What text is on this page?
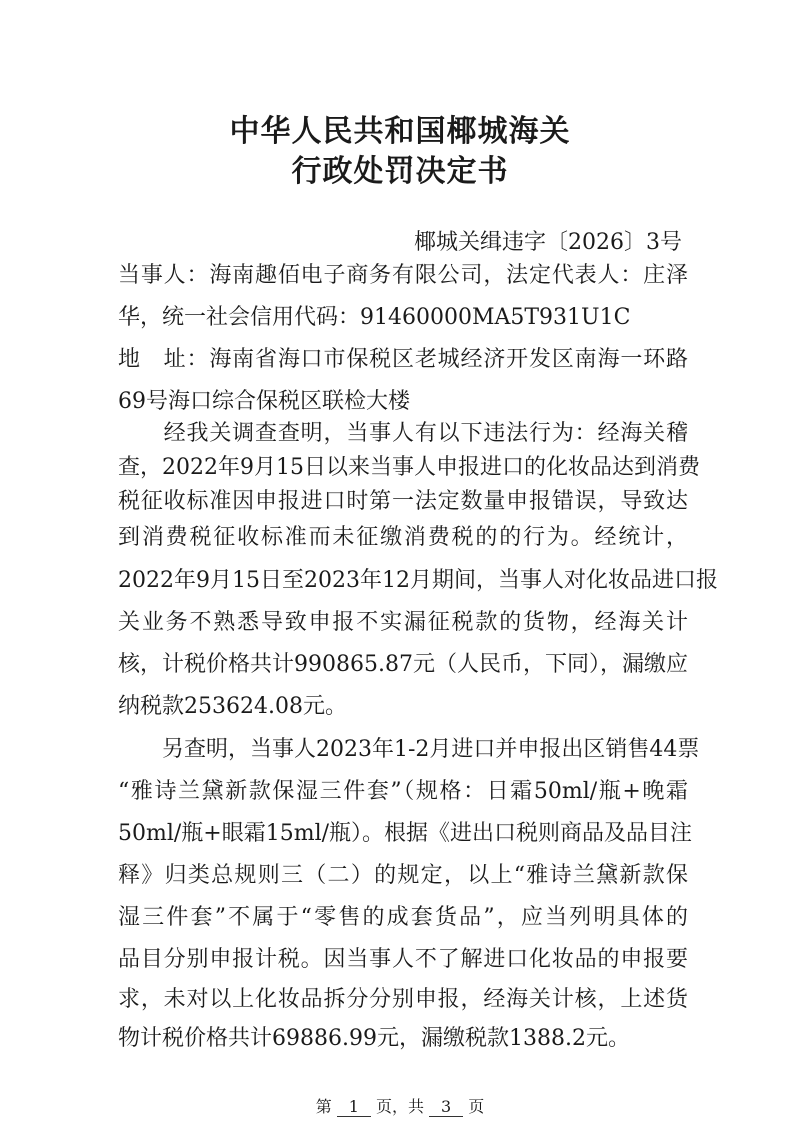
中华人民共和国椰城海关
行政处罚决定书
椰城关缉违字〔2026〕3号
当事人：海南趣佰电子商务有限公司，法定代表人：庄泽
华，统一社会信用代码：91460000MA5T931U1C
地　址：海南省海口市保税区老城经济开发区南海一环路
69号海口综合保税区联检大楼
　　经我关调查查明，当事人有以下违法行为：经海关稽
查，2022年9月15日以来当事人申报进口的化妆品达到消费
税征收标准因申报进口时第一法定数量申报错误，导致达
到消费税征收标准而未征缴消费税的的行为。经统计，
2022年9月15日至2023年12月期间，当事人对化妆品进口报
关业务不熟悉导致申报不实漏征税款的货物，经海关计
核，计税价格共计990865.87元（人民币，下同），漏缴应
纳税款253624.08元。
　　另查明，当事人2023年1-2月进口并申报出区销售44票
“雅诗兰黛新款保湿三件套”（规格：日霜50ml/瓶+晚霜
50ml/瓶+眼霜15ml/瓶）。根据《进出口税则商品及品目注
释》归类总规则三（二）的规定，以上“雅诗兰黛新款保
湿三件套”不属于“零售的成套货品”，应当列明具体的
品目分别申报计税。因当事人不了解进口化妆品的申报要
求，未对以上化妆品拆分分别申报，经海关计核，上述货
物计税价格共计69886.99元，漏缴税款1388.2元。
第 1 页，共 3 页
